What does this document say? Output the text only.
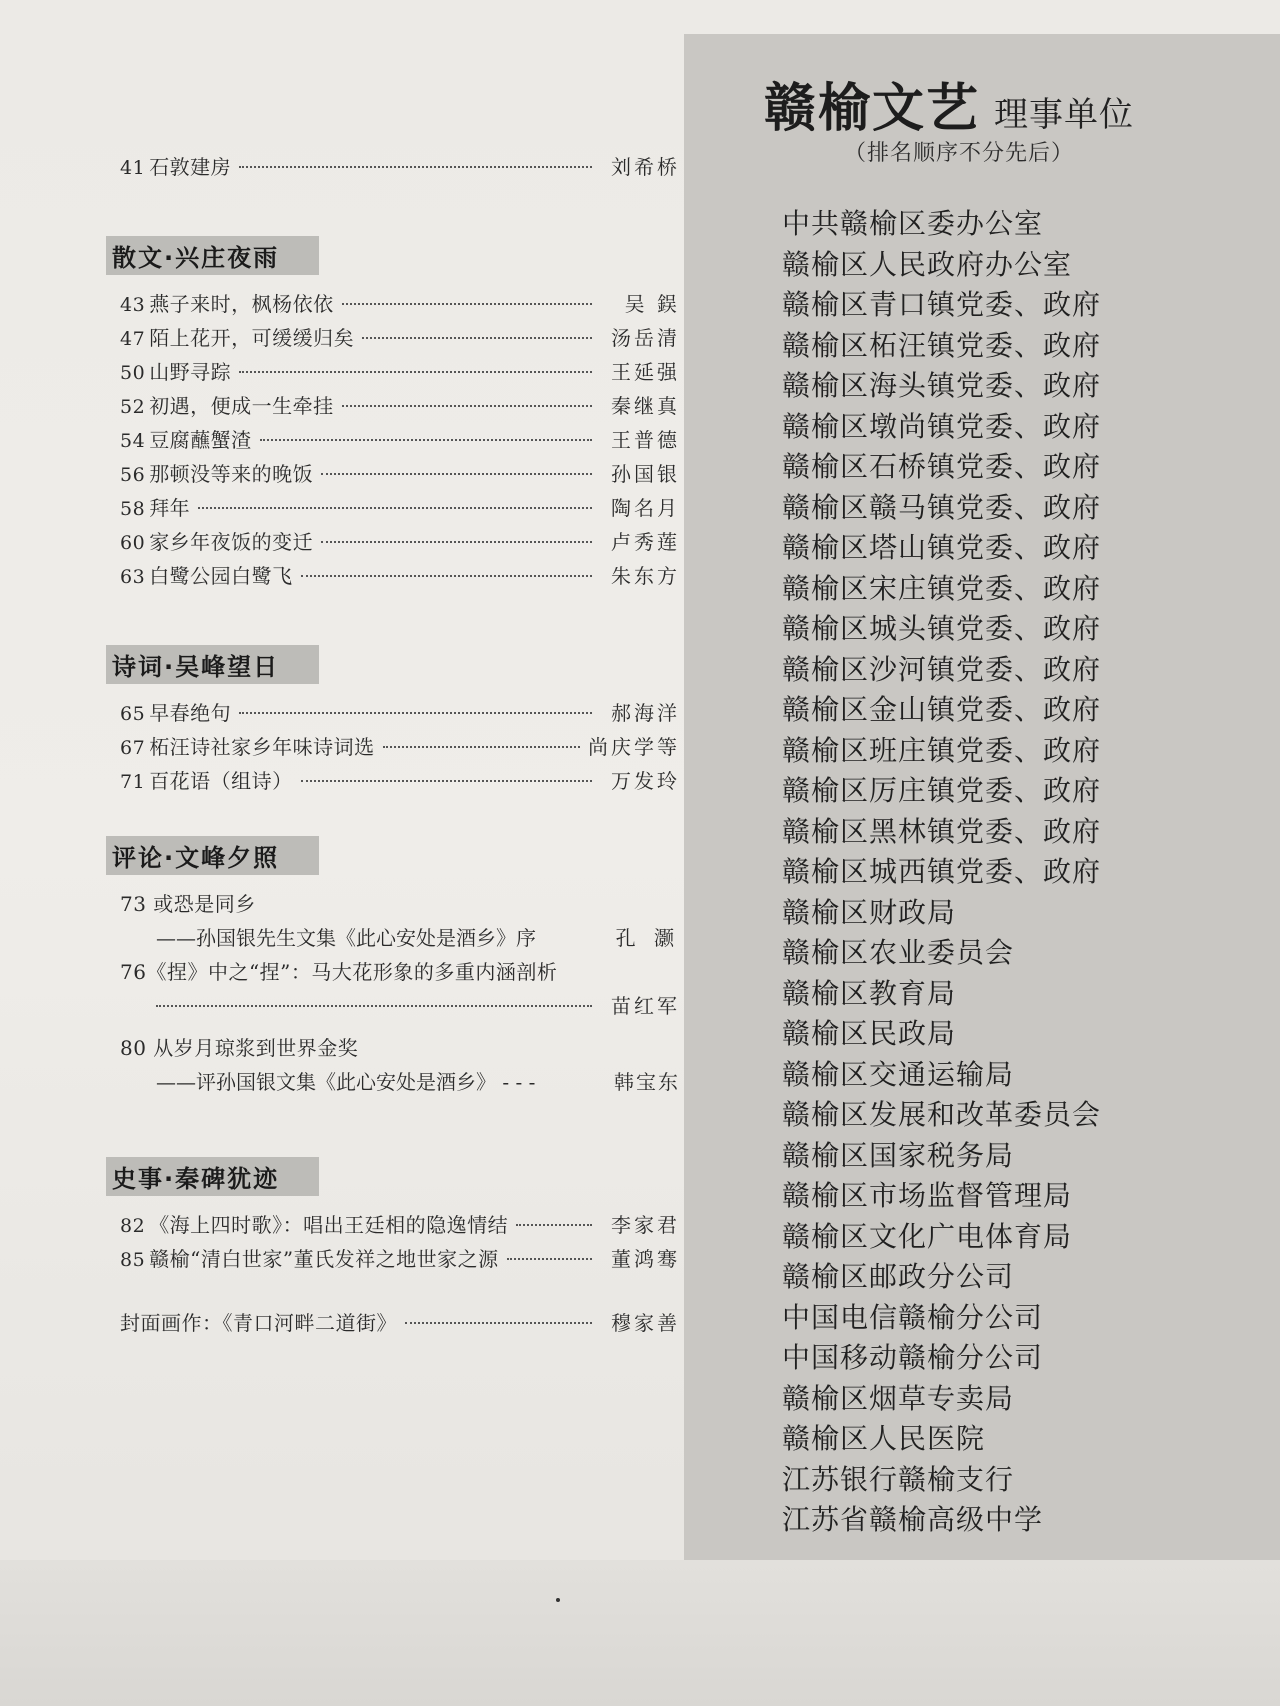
41 石敦建房	刘希桥
散文·兴庄夜雨
43 燕子来时，枫杨依依	吴 鋘
47 陌上花开，可缓缓归矣	汤岳清
50 山野寻踪	王延强
52 初遇，便成一生牵挂	秦继真
54 豆腐蘸蟹渣	王普德
56 那顿没等来的晚饭	孙国银
58 拜年	陶名月
60 家乡年夜饭的变迁	卢秀莲
63 白鹭公园白鹭飞	朱东方
诗词·吴峰望日
65 早春绝句	郝海洋
67 柘汪诗社家乡年味诗词选	尚庆学等
71 百花语（组诗）	万发玲
评论·文峰夕照
73 或恐是同乡
——孙国银先生文集《此心安处是酒乡》序	孔 灏
76《捏》中之“捏”：马大花形象的多重内涵剖析
苗红军
80 从岁月琼浆到世界金奖
——评孙国银文集《此心安处是酒乡》 - - -	韩宝东
史事·秦碑犹迹
82 《海上四时歌》：唱出王廷相的隐逸情结	李家君
85 赣榆“清白世家”董氏发祥之地世家之源	董鸿骞
封面画作：《青口河畔二道街》	穆家善
赣榆文艺 理事单位
（排名顺序不分先后）
中共赣榆区委办公室
赣榆区人民政府办公室
赣榆区青口镇党委、政府
赣榆区柘汪镇党委、政府
赣榆区海头镇党委、政府
赣榆区墩尚镇党委、政府
赣榆区石桥镇党委、政府
赣榆区赣马镇党委、政府
赣榆区塔山镇党委、政府
赣榆区宋庄镇党委、政府
赣榆区城头镇党委、政府
赣榆区沙河镇党委、政府
赣榆区金山镇党委、政府
赣榆区班庄镇党委、政府
赣榆区厉庄镇党委、政府
赣榆区黑林镇党委、政府
赣榆区城西镇党委、政府
赣榆区财政局
赣榆区农业委员会
赣榆区教育局
赣榆区民政局
赣榆区交通运输局
赣榆区发展和改革委员会
赣榆区国家税务局
赣榆区市场监督管理局
赣榆区文化广电体育局
赣榆区邮政分公司
中国电信赣榆分公司
中国移动赣榆分公司
赣榆区烟草专卖局
赣榆区人民医院
江苏银行赣榆支行
江苏省赣榆高级中学
